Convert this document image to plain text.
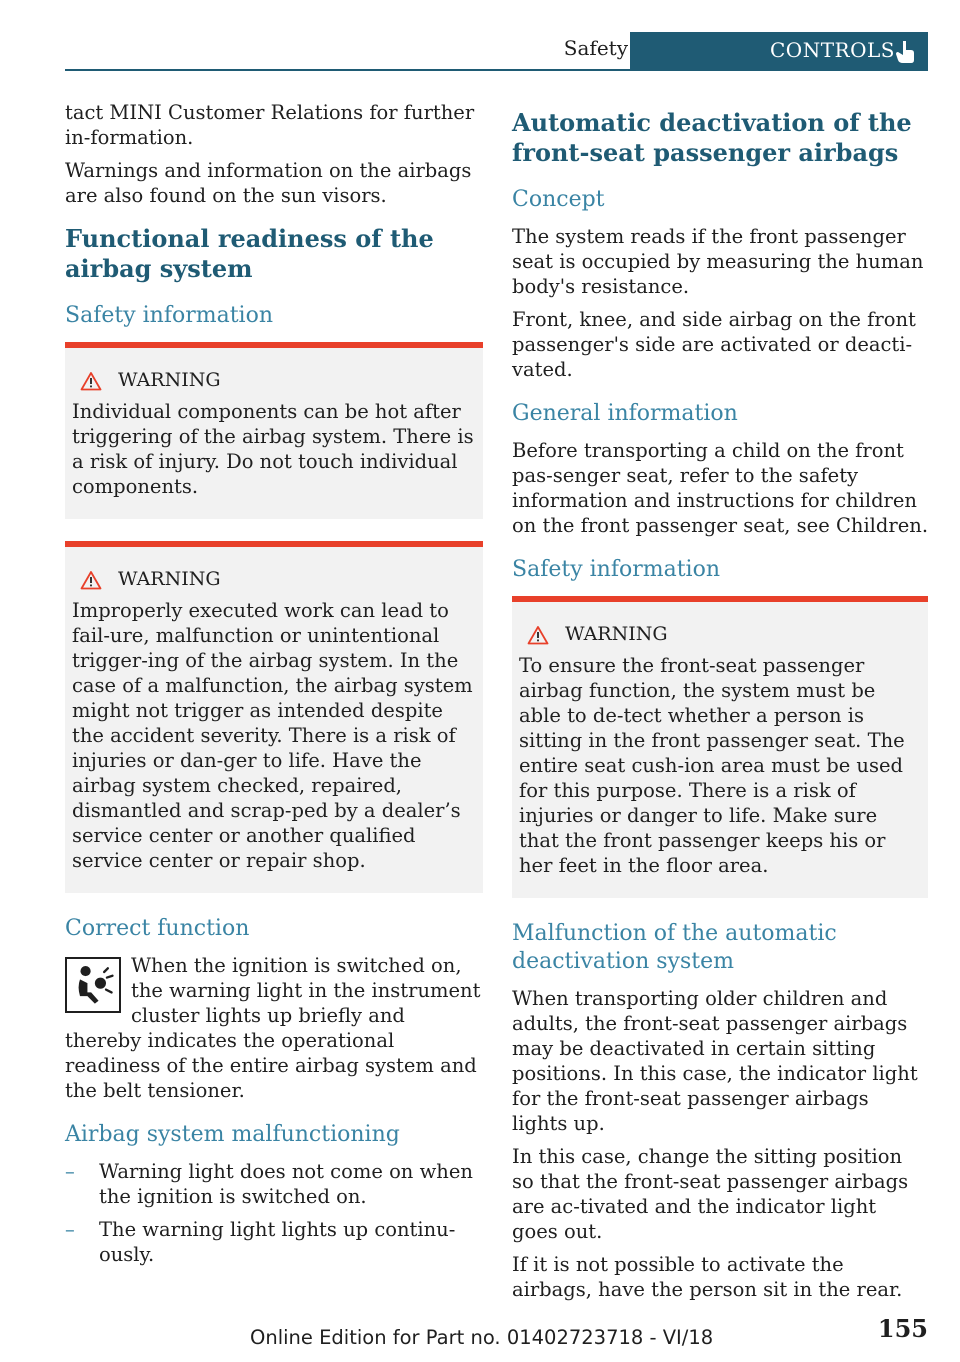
Safety	CONTROLS

tact MINI Customer Relations for further in‐formation.

Warnings and information on the airbags are also found on the sun visors.

Functional readiness of the airbag system
Safety information
WARNING

Individual components can be hot after triggering of the airbag system. There is a risk of injury. Do not touch individual components.

WARNING

Improperly executed work can lead to fail‐ure, malfunction or unintentional trigger‐ing of the airbag system. In the case of a malfunction, the airbag system might not trigger as intended despite the accident severity. There is a risk of injuries or dan‐ger to life. Have the airbag system checked, repaired, dismantled and scrap‐ped by a dealer’s service center or another qualified service center or repair shop.

Correct function

When the ignition is switched on, the warning light in the instrument cluster lights up briefly and thereby indicates the operational readiness of the entire airbag system and the belt tensioner.

Airbag system malfunctioning
– Warning light does not come on when the ignition is switched on.
– The warning light lights up continu‐ously.
Automatic deactivation of the front-seat passenger airbags
Concept

The system reads if the front passenger seat is occupied by measuring the human body's resistance.

Front, knee, and side airbag on the front passenger's side are activated or deacti‐vated.

General information

Before transporting a child on the front pas‐senger seat, refer to the safety information and instructions for children on the front passenger seat, see Children.

Safety information
WARNING

To ensure the front-seat passenger airbag function, the system must be able to de‐tect whether a person is sitting in the front passenger seat. The entire seat cush‐ion area must be used for this purpose. There is a risk of injuries or danger to life. Make sure that the front passenger keeps his or her feet in the floor area.

Malfunction of the automatic deactivation system

When transporting older children and adults, the front-seat passenger airbags may be deactivated in certain sitting positions. In this case, the indicator light for the front-seat passenger airbags lights up.

In this case, change the sitting position so that the front-seat passenger airbags are ac‐tivated and the indicator light goes out.

If it is not possible to activate the airbags, have the person sit in the rear.

Online Edition for Part no. 01402723718 - VI/18	155
